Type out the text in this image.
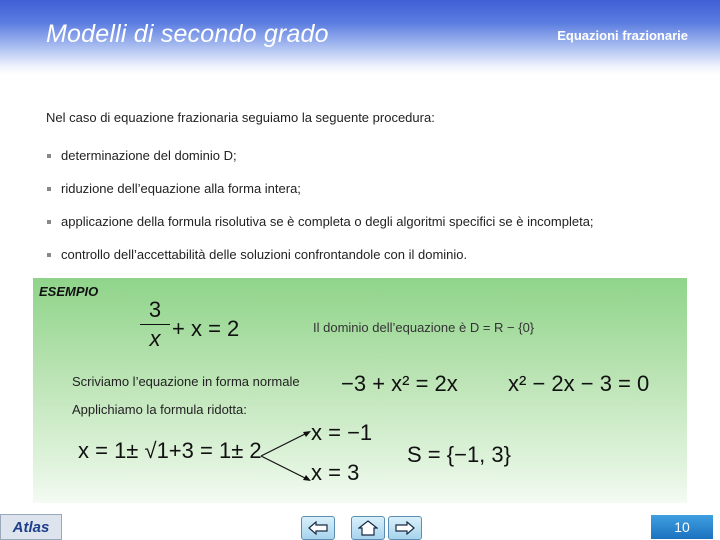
Modelli di secondo grado	Equazioni frazionarie
Nel caso di equazione frazionaria seguiamo la seguente procedura:
determinazione del dominio D;
riduzione dell’equazione alla forma intera;
applicazione della formula risolutiva se è completa o degli algoritmi specifici se è incompleta;
controllo dell’accettabilità delle soluzioni confrontandole con il dominio.
ESEMPIO
3
x + x = 2	Il dominio dell’equazione è D = R − {0}
Scriviamo l’equazione in forma normale −3 + x² = 2x x² − 2x − 3 = 0
Applichiamo la formula ridotta:
x = 1± √1+3 = 1± 2
x = −1
x = 3
S = {−1, 3}
Atlas	10
